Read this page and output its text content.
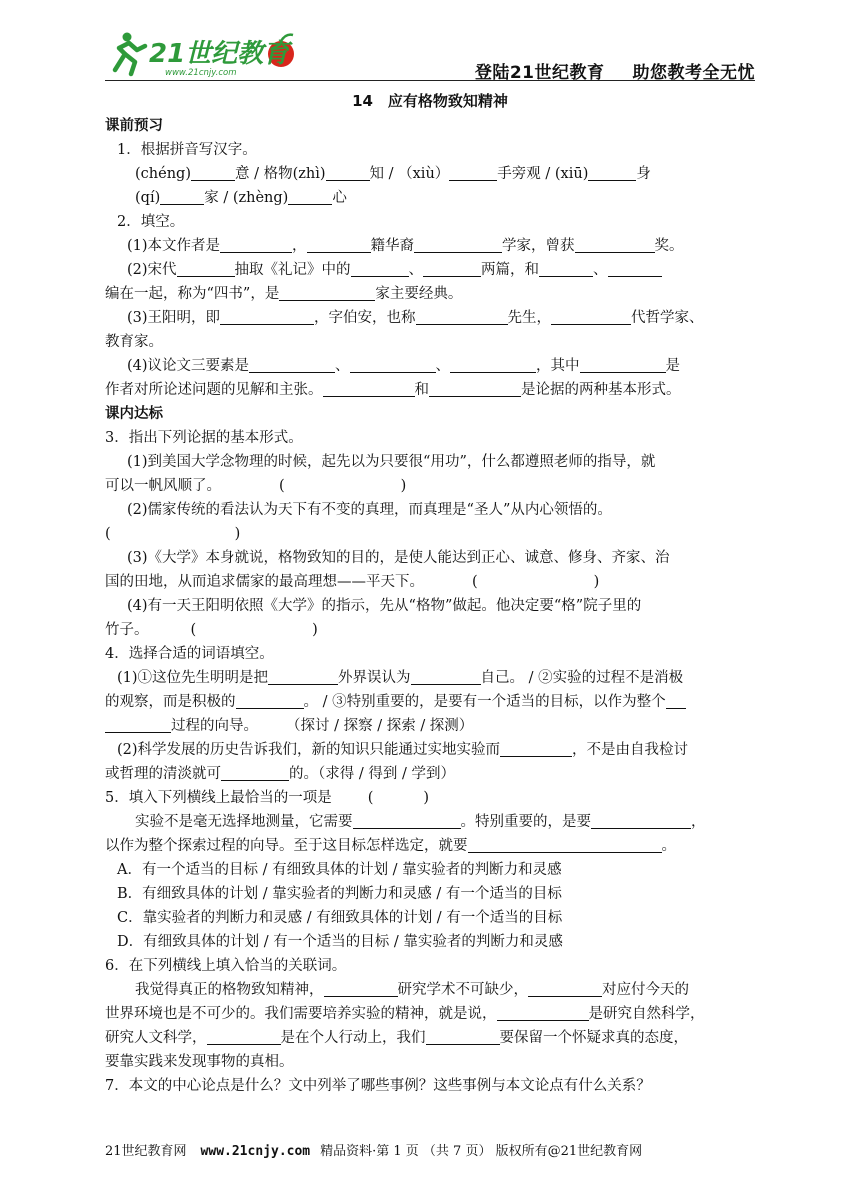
21世纪教育
www.21cnjy.com	登陆21世纪教育 助您教考全无忧
14　应有格物致知精神
课前预习
1．根据拼音写汉字。
(chéng)	意 / 格物(zhì)	知 / （xiù）	手旁观 / (xiū)	身
(qí)	家 / (zhèng)	心
2．填空。
(1)本文作者是	，	籍华裔	学家，曾获	奖。
(2)宋代	抽取《礼记》中的	、	两篇，和	、
编在一起，称为“四书”，是	家主要经典。
(3)王阳明，即	，字伯安，也称	先生，	代哲学家、
教育家。
(4)议论文三要素是	、	、	，其中	是
作者对所论述问题的见解和主张。	和	是论据的两种基本形式。
课内达标
3．指出下列论据的基本形式。
(1)到美国大学念物理的时候，起先以为只要很“用功”，什么都遵照老师的指导，就
可以一帆风顺了。	(	)
(2)儒家传统的看法认为天下有不变的真理，而真理是“圣人”从内心领悟的。
(	)
(3)《大学》本身就说，格物致知的目的，是使人能达到正心、诚意、修身、齐家、治
国的田地，从而追求儒家的最高理想——平天下。	(	)
(4)有一天王阳明依照《大学》的指示，先从“格物”做起。他决定要“格”院子里的
竹子。	(	)
4．选择合适的词语填空。
(1)①这位先生明明是把	外界误认为	自己。 / ②实验的过程不是消极
的观察，而是积极的	。 / ③特别重要的，是要有一个适当的目标，以作为整个
过程的向导。 （探讨 / 探察 / 探索 / 探测）
(2)科学发展的历史告诉我们，新的知识只能通过实地实验而	，不是由自我检讨
或哲理的清淡就可	的。（求得 / 得到 / 学到）
5．填入下列横线上最恰当的一项是 (	)
实验不是毫无选择地测量，它需要	。特别重要的，是要	，
以作为整个探索过程的向导。至于这目标怎样选定，就要	。
A．有一个适当的目标 / 有细致具体的计划 / 靠实验者的判断力和灵感
B．有细致具体的计划 / 靠实验者的判断力和灵感 / 有一个适当的目标
C．靠实验者的判断力和灵感 / 有细致具体的计划 / 有一个适当的目标
D．有细致具体的计划 / 有一个适当的目标 / 靠实验者的判断力和灵感
6．在下列横线上填入恰当的关联词。
我觉得真正的格物致知精神，	研究学术不可缺少，	对应付今天的
世界环境也是不可少的。我们需要培养实验的精神，就是说，	是研究自然科学，
研究人文科学，	是在个人行动上，我们	要保留一个怀疑求真的态度，
要靠实践来发现事物的真相。
7．本文的中心论点是什么？文中列举了哪些事例？这些事例与本文论点有什么关系？
21世纪教育网 www.21cnjy.com 精品资料·第 1 页 （共 7 页） 版权所有@21世纪教育网
